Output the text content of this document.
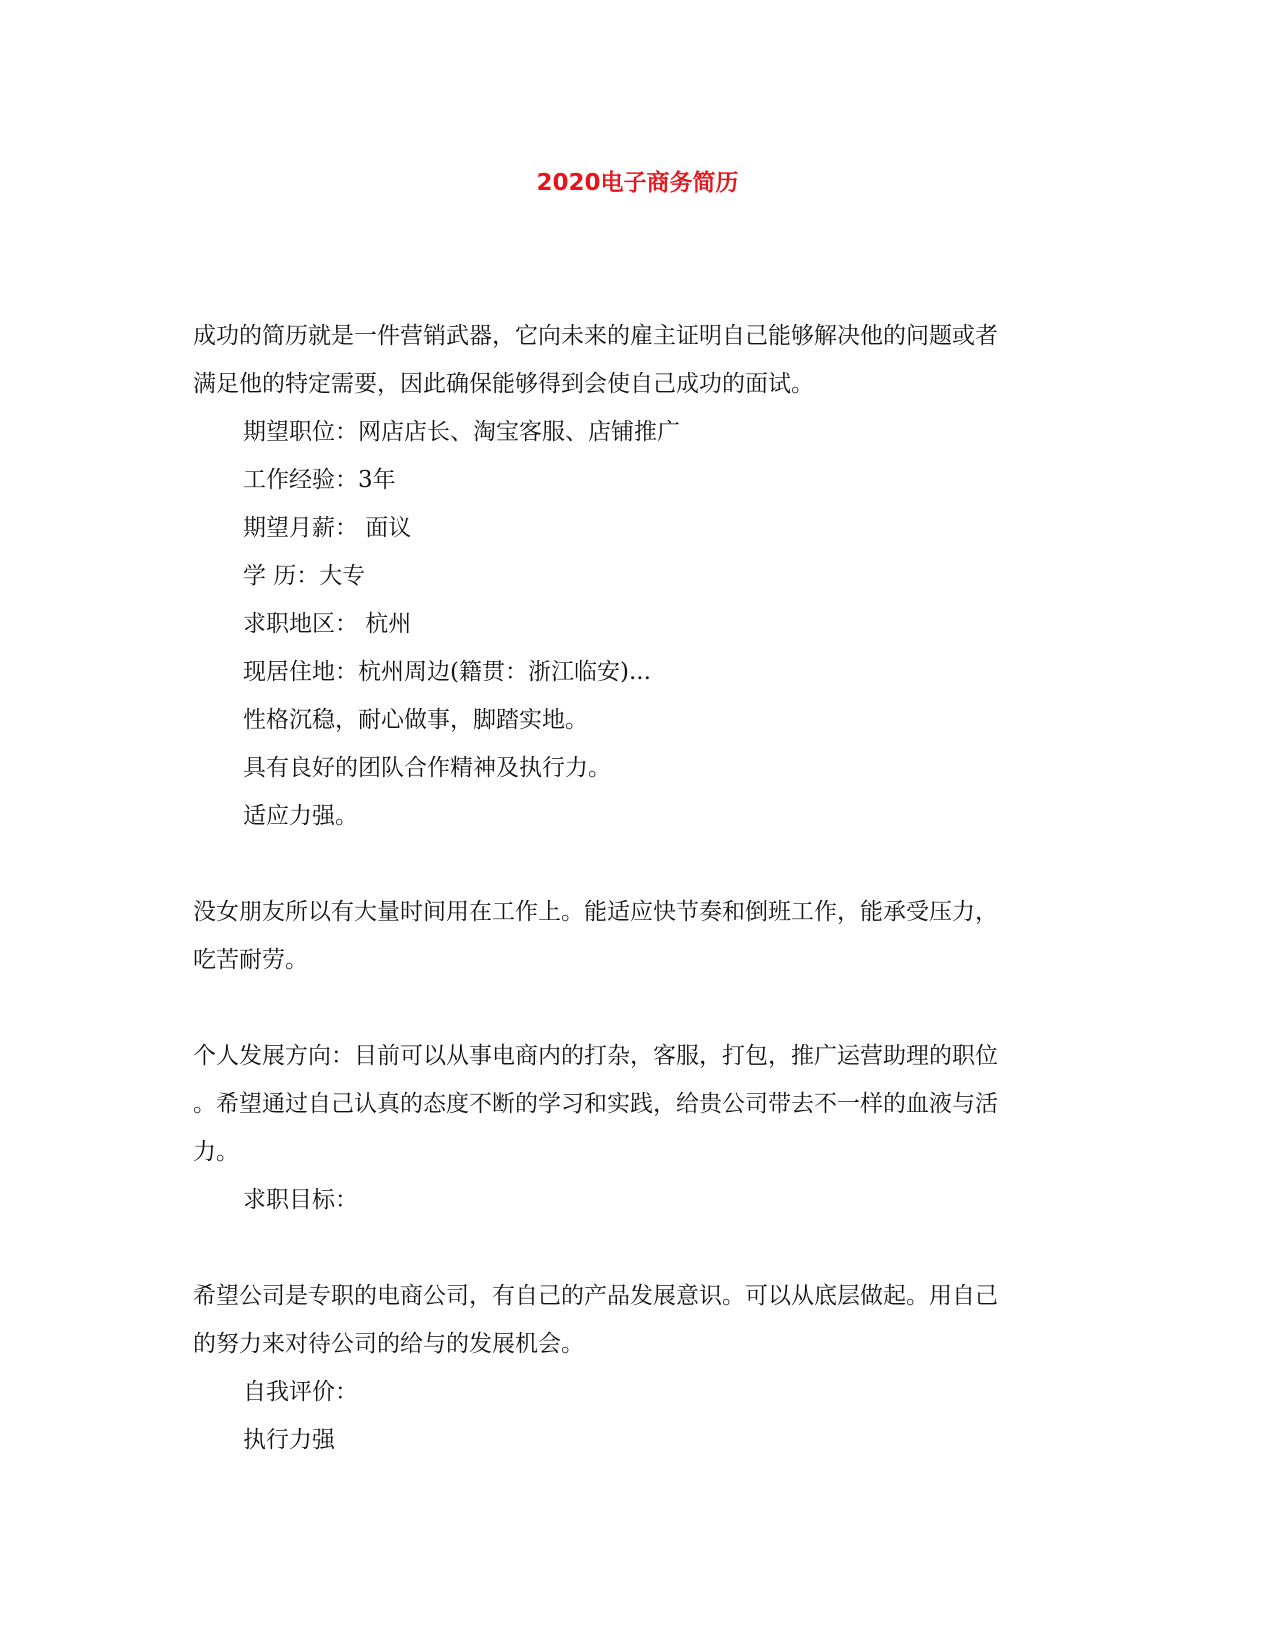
2020电子商务简历

成功的简历就是一件营销武器，它向未来的雇主证明自己能够解决他的问题或者

满足他的特定需要，因此确保能够得到会使自己成功的面试。

期望职位：网店店长、淘宝客服、店铺推广

工作经验：3年

期望月薪： 面议

学 历：大专

求职地区： 杭州

现居住地：杭州周边(籍贯：浙江临安)...

性格沉稳，耐心做事，脚踏实地。

具有良好的团队合作精神及执行力。

适应力强。

没女朋友所以有大量时间用在工作上。能适应快节奏和倒班工作，能承受压力，

吃苦耐劳。

个人发展方向：目前可以从事电商内的打杂，客服，打包，推广运营助理的职位

。希望通过自己认真的态度不断的学习和实践，给贵公司带去不一样的血液与活

力。

求职目标：

希望公司是专职的电商公司，有自己的产品发展意识。可以从底层做起。用自己

的努力来对待公司的给与的发展机会。

自我评价：

执行力强
